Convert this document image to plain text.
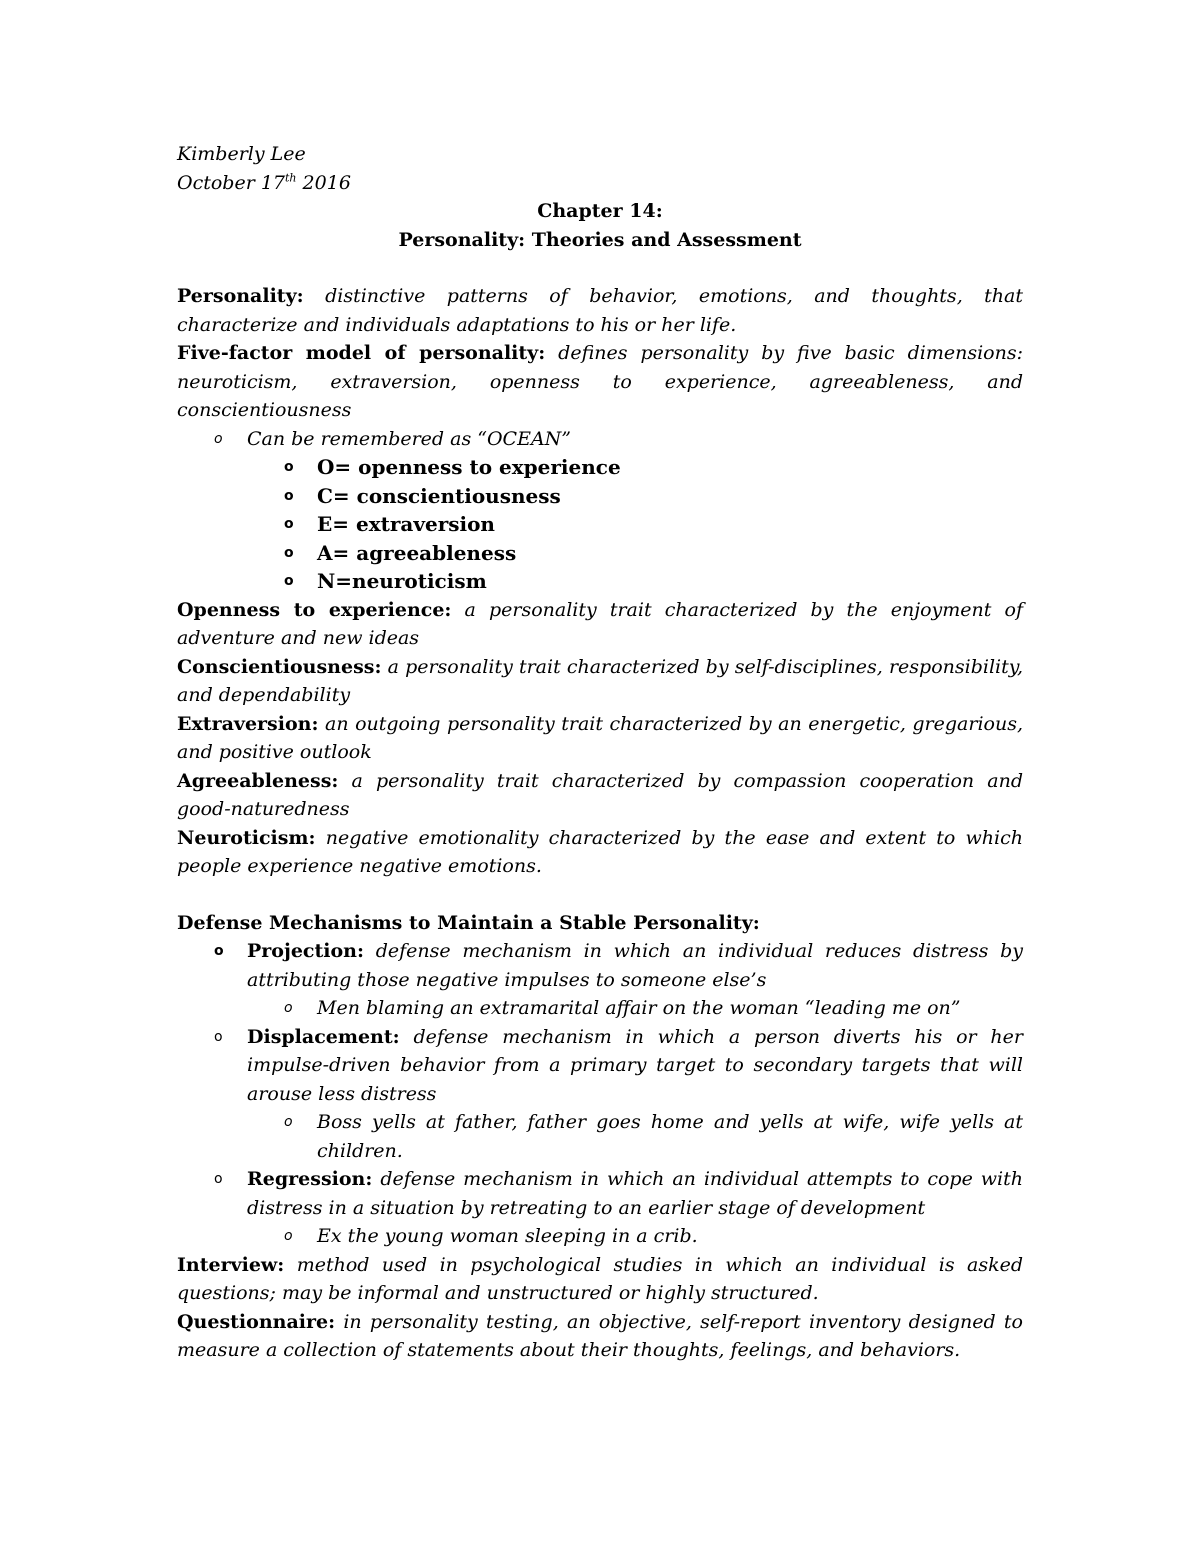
Kimberly Lee
October 17th 2016
Chapter 14:
Personality: Theories and Assessment

Personality: distinctive patterns of behavior, emotions, and thoughts, that characterize and individuals adaptations to his or her life.

Five-factor model of personality: defines personality by five basic dimensions: neuroticism, extraversion, openness to experience, agreeableness, and conscientiousness

o Can be remembered as “OCEAN”

o O= openness to experience

o C= conscientiousness

o E= extraversion

o A= agreeableness

o N=neuroticism

Openness to experience: a personality trait characterized by the enjoyment of adventure and new ideas

Conscientiousness: a personality trait characterized by self-disciplines, responsibility, and dependability

Extraversion: an outgoing personality trait characterized by an energetic, gregarious, and positive outlook

Agreeableness: a personality trait characterized by compassion cooperation and good-naturedness

Neuroticism: negative emotionality characterized by the ease and extent to which people experience negative emotions.

Defense Mechanisms to Maintain a Stable Personality:

o Projection: defense mechanism in which an individual reduces distress by attributing those negative impulses to someone else’s

o Men blaming an extramarital affair on the woman “leading me on”

o Displacement: defense mechanism in which a person diverts his or her impulse-driven behavior from a primary target to secondary targets that will arouse less distress

o Boss yells at father, father goes home and yells at wife, wife yells at children.

o Regression: defense mechanism in which an individual attempts to cope with distress in a situation by retreating to an earlier stage of development

o Ex the young woman sleeping in a crib.

Interview: method used in psychological studies in which an individual is asked questions; may be informal and unstructured or highly structured.

Questionnaire: in personality testing, an objective, self-report inventory designed to measure a collection of statements about their thoughts, feelings, and behaviors.
